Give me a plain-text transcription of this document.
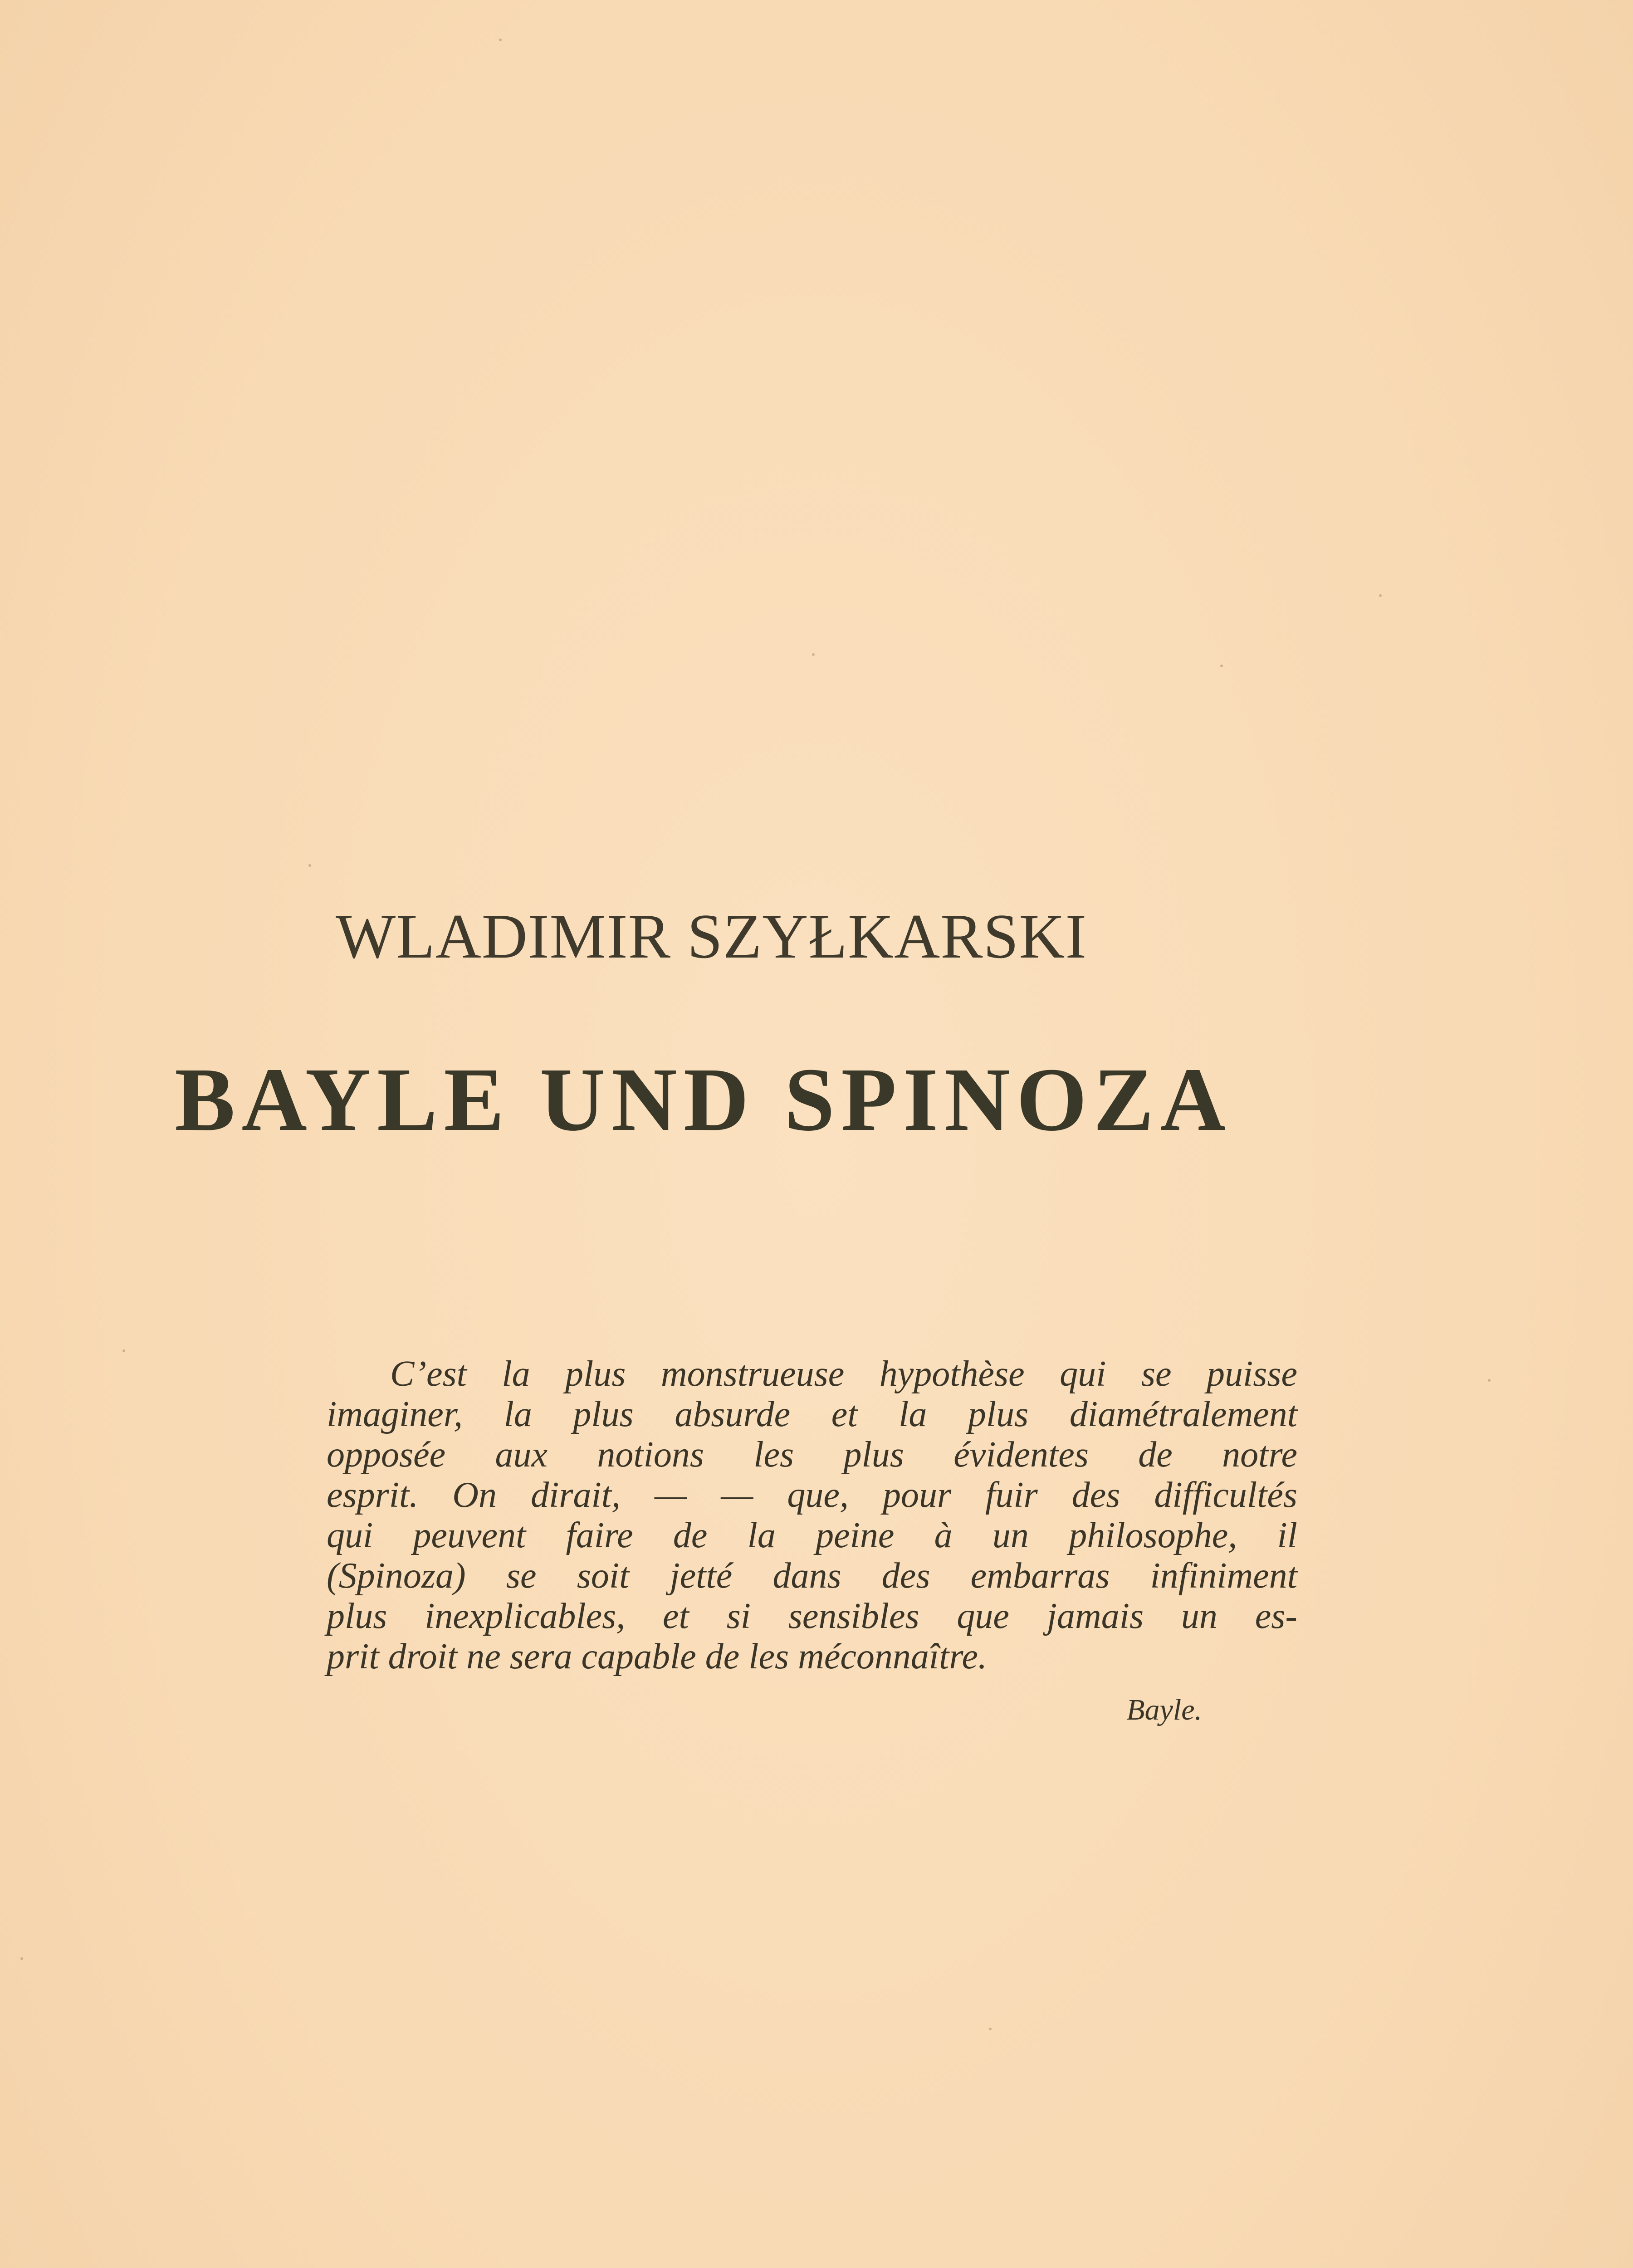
WLADIMIR SZYŁKARSKI
BAYLE UND SPINOZA
C’est la plus monstrueuse hypothèse qui se puisse
imaginer, la plus absurde et la plus diamétralement
opposée aux notions les plus évidentes de notre
esprit. On dirait, — — que, pour fuir des difficultés
qui peuvent faire de la peine à un philosophe, il
(Spinoza) se soit jetté dans des embarras infiniment
plus inexplicables, et si sensibles que jamais un es-
prit droit ne sera capable de les méconnaître.
Bayle.
